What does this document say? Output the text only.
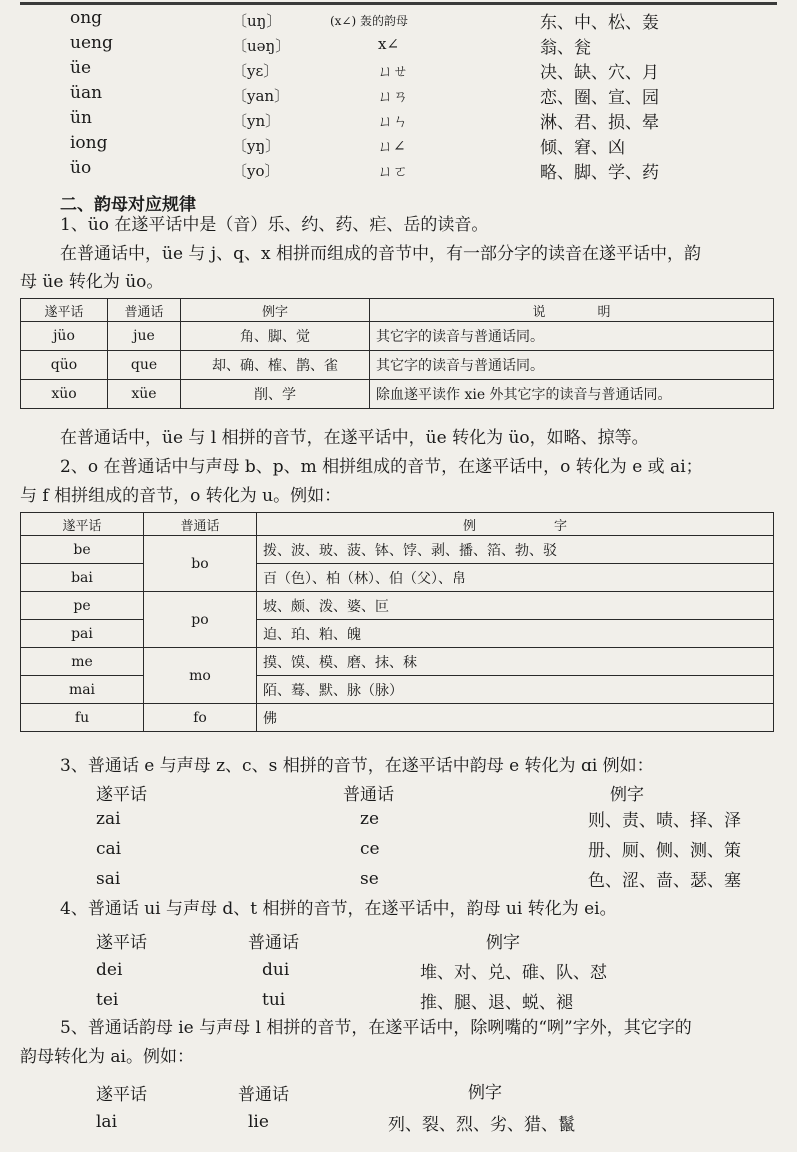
ong	〔uŋ〕	(x∠) 轰的韵母	东、中、松、轰
ueng	〔uəŋ〕	x∠	翁、瓮
üe	〔yɛ〕	ㄩㄝ	决、缺、穴、月
üan	〔yan〕	ㄩㄢ	恋、圈、宣、园
ün	〔yn〕	ㄩㄣ	淋、君、损、晕
iong	〔yŋ〕	ㄩ∠	倾、窘、凶
üo	〔yo〕	ㄩㄛ	略、脚、学、药
二、韵母对应规律
1、üo 在遂平话中是（音）乐、约、药、疟、岳的读音。
在普通话中，üe 与 j、q、x 相拼而组成的音节中，有一部分字的读音在遂平话中，韵
母 üe 转化为 üo。
遂平话	普通话	例字	说　　　　明
jüo	jue	角、脚、觉	其它字的读音与普通话同。
qüo	que	却、确、榷、鹊、雀	其它字的读音与普通话同。
xüo	xüe	削、学	除血遂平读作 xie 外其它字的读音与普通话同。
在普通话中，üe 与 l 相拼的音节，在遂平话中，üe 转化为 üo，如略、掠等。
2、o 在普通话中与声母 b、p、m 相拼组成的音节，在遂平话中，o 转化为 e 或 ai；
与 f 相拼组成的音节，o 转化为 u。例如：
遂平话	普通话	例　　　　　　字
be	bo	拨、波、玻、菠、钵、饽、剥、播、箔、勃、驳
bai		百（色）、柏（林）、伯（父）、帛
pe	po	坡、颇、泼、婆、叵
pai		迫、珀、粕、魄
me	mo	摸、馍、模、磨、抹、秣
mai		陌、蓦、默、脉（脉）
fu	fo	佛
3、普通话 e 与声母 z、c、s 相拼的音节，在遂平话中韵母 e 转化为 ɑi 例如：
遂平话	普通话	例字
zai	ze	则、责、啧、择、泽
cai	ce	册、厕、侧、测、策
sai	se	色、涩、啬、瑟、塞
4、普通话 ui 与声母 d、t 相拼的音节，在遂平话中，韵母 ui 转化为 ei。
遂平话	普通话	例字
dei	dui	堆、对、兑、碓、队、怼
tei	tui	推、腿、退、蜕、褪
5、普通话韵母 ie 与声母 l 相拼的音节，在遂平话中，除咧嘴的“咧”字外，其它字的
韵母转化为 ai。例如：
遂平话	普通话	例字
lai	lie	列、裂、烈、劣、猎、鬣
